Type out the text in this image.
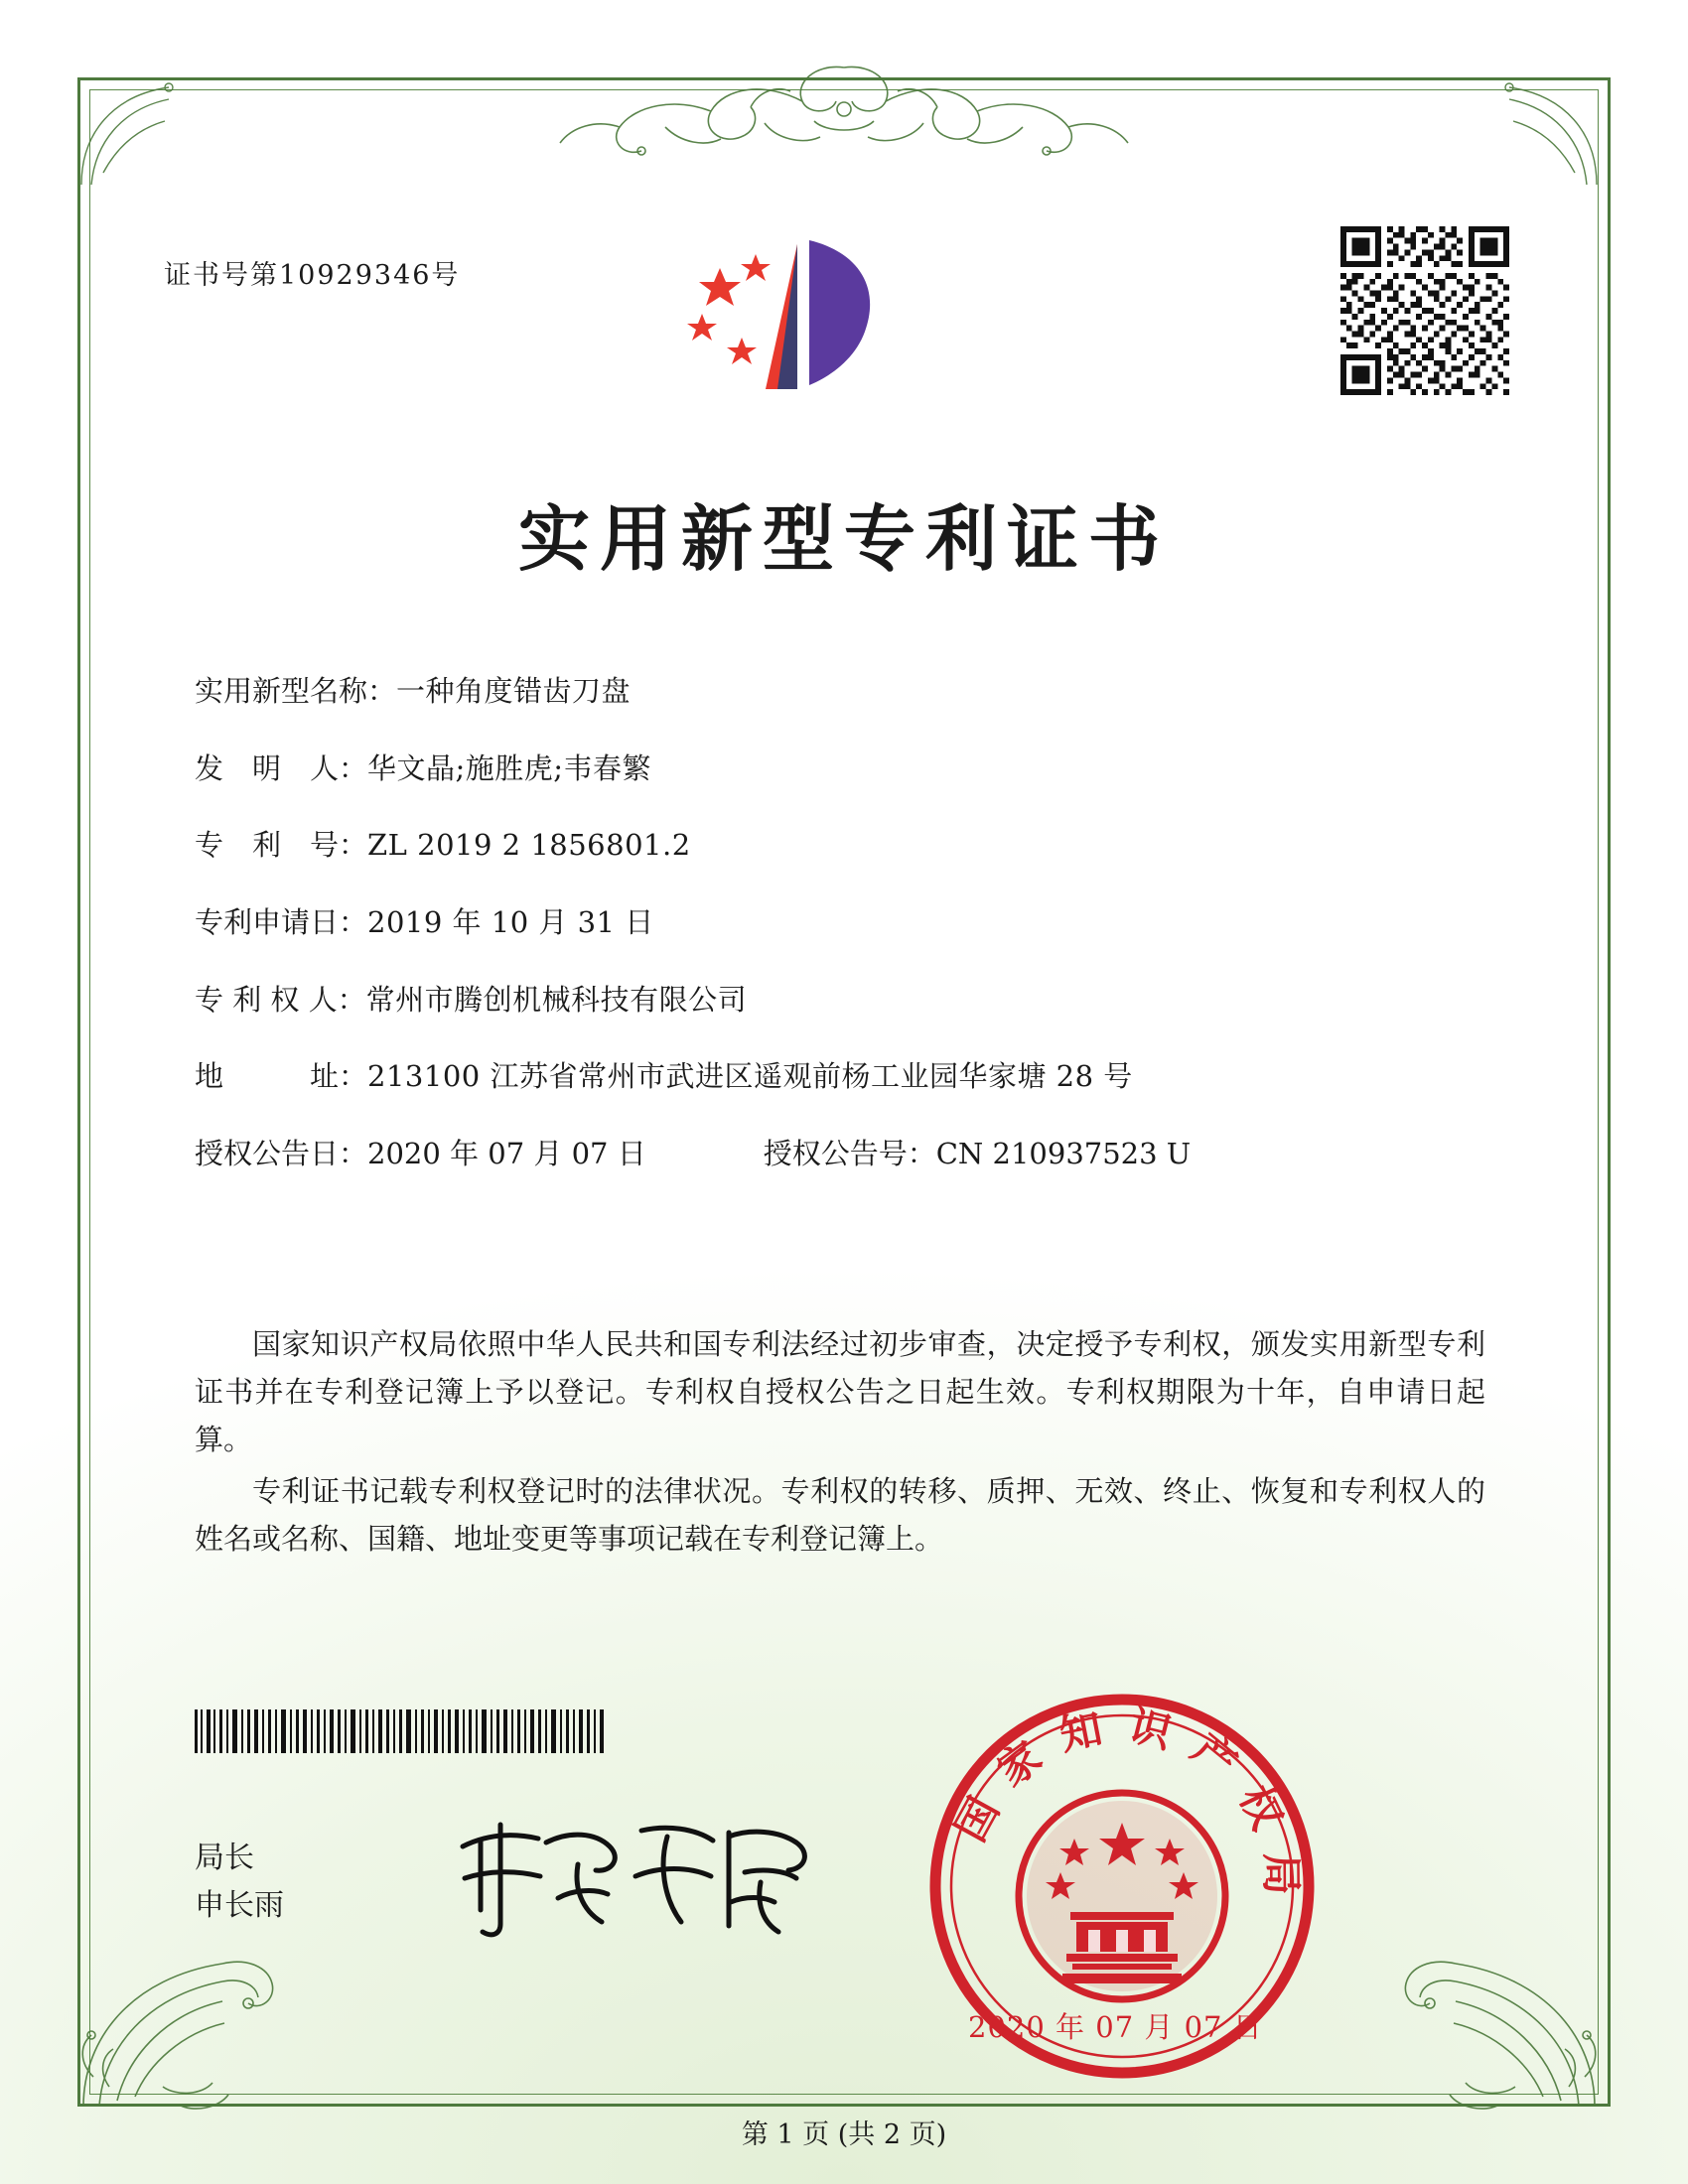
证书号第10929346号
实用新型专利证书
实用新型名称： 一种角度错齿刀盘
发　明　人： 华文晶;施胜虎;韦春繁
专　利　号： ZL 2019 2 1856801.2
专利申请日： 2019 年 10 月 31 日
专 利 权 人： 常州市腾创机械科技有限公司
地　　　址： 213100 江苏省常州市武进区遥观前杨工业园华家塘 28 号
授权公告日： 2020 年 07 月 07 日	授权公告号： CN 210937523 U

国家知识产权局依照中华人民共和国专利法经过初步审查，决定授予专利权，颁发实用新型专利证书并在专利登记簿上予以登记。专利权自授权公告之日起生效。专利权期限为十年，自申请日起算。

专利证书记载专利权登记时的法律状况。专利权的转移、质押、无效、终止、恢复和专利权人的姓名或名称、国籍、地址变更等事项记载在专利登记簿上。

局长
申长雨
国家知识产权局
2020 年 07 月 07 日
第 1 页 (共 2 页)
